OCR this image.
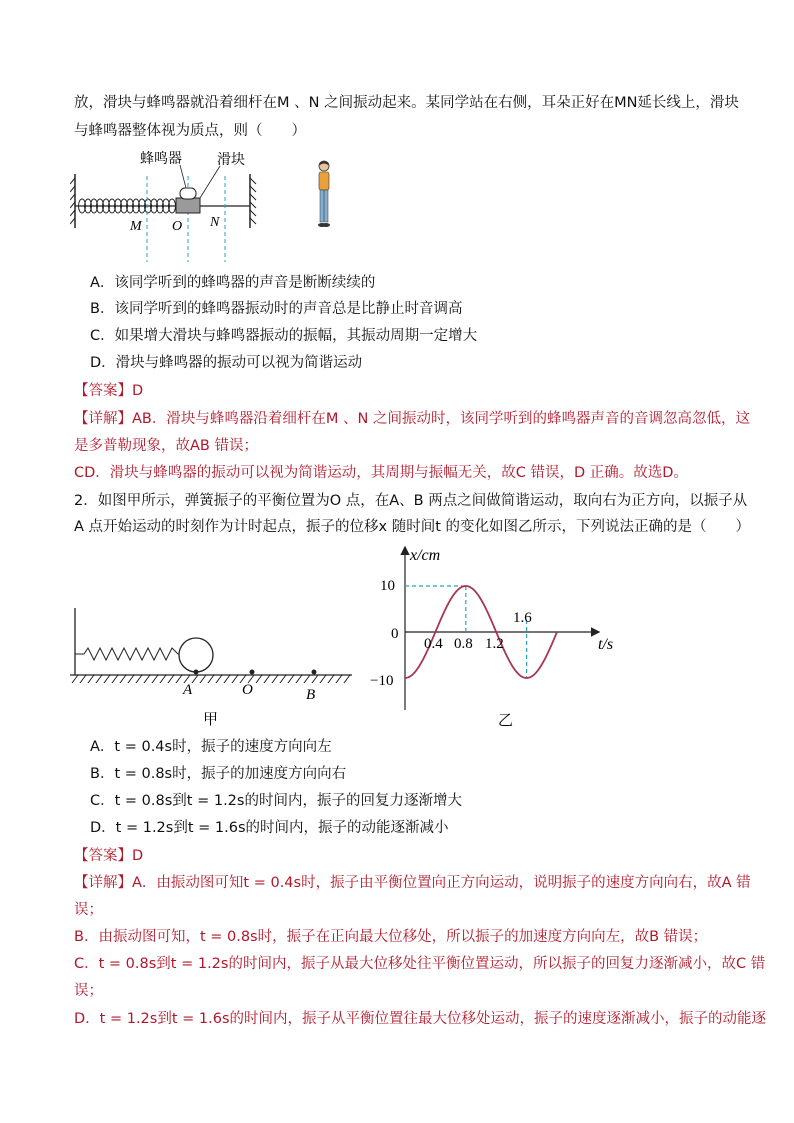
放，滑块与蜂鸣器就沿着细杆在M 、N 之间振动起来。某同学站在右侧，耳朵正好在MN延长线上，滑块
与蜂鸣器整体视为质点，则（　　）
蜂鸣器	滑块
M O N
A．该同学听到的蜂鸣器的声音是断断续续的
B．该同学听到的蜂鸣器振动时的声音总是比静止时音调高
C．如果增大滑块与蜂鸣器振动的振幅，其振动周期一定增大
D．滑块与蜂鸣器的振动可以视为简谐运动
【答案】D
【详解】AB．滑块与蜂鸣器沿着细杆在M 、N 之间振动时，该同学听到的蜂鸣器声音的音调忽高忽低，这
是多普勒现象，故AB 错误；
CD．滑块与蜂鸣器的振动可以视为简谐运动，其周期与振幅无关，故C 错误，D 正确。故选D。
2．如图甲所示，弹簧振子的平衡位置为O 点，在A、B 两点之间做简谐运动，取向右为正方向，以振子从
A 点开始运动的时刻作为计时起点，振子的位移x 随时间t 的变化如图乙所示，下列说法正确的是（　　）
A	O	B
甲
x/cm
t/s
10
0
−10
0.4 0.8 1.2
1.6
乙
A．t = 0.4s时，振子的速度方向向左
B．t = 0.8s时，振子的加速度方向向右
C．t = 0.8s到t = 1.2s的时间内，振子的回复力逐渐增大
D．t = 1.2s到t = 1.6s的时间内，振子的动能逐渐减小
【答案】D
【详解】A．由振动图可知t = 0.4s时，振子由平衡位置向正方向运动，说明振子的速度方向向右，故A 错
误；
B．由振动图可知，t = 0.8s时，振子在正向最大位移处，所以振子的加速度方向向左，故B 错误；
C．t = 0.8s到t = 1.2s的时间内，振子从最大位移处往平衡位置运动，所以振子的回复力逐渐减小，故C 错
误；
D．t = 1.2s到t = 1.6s的时间内，振子从平衡位置往最大位移处运动，振子的速度逐渐减小，振子的动能逐
